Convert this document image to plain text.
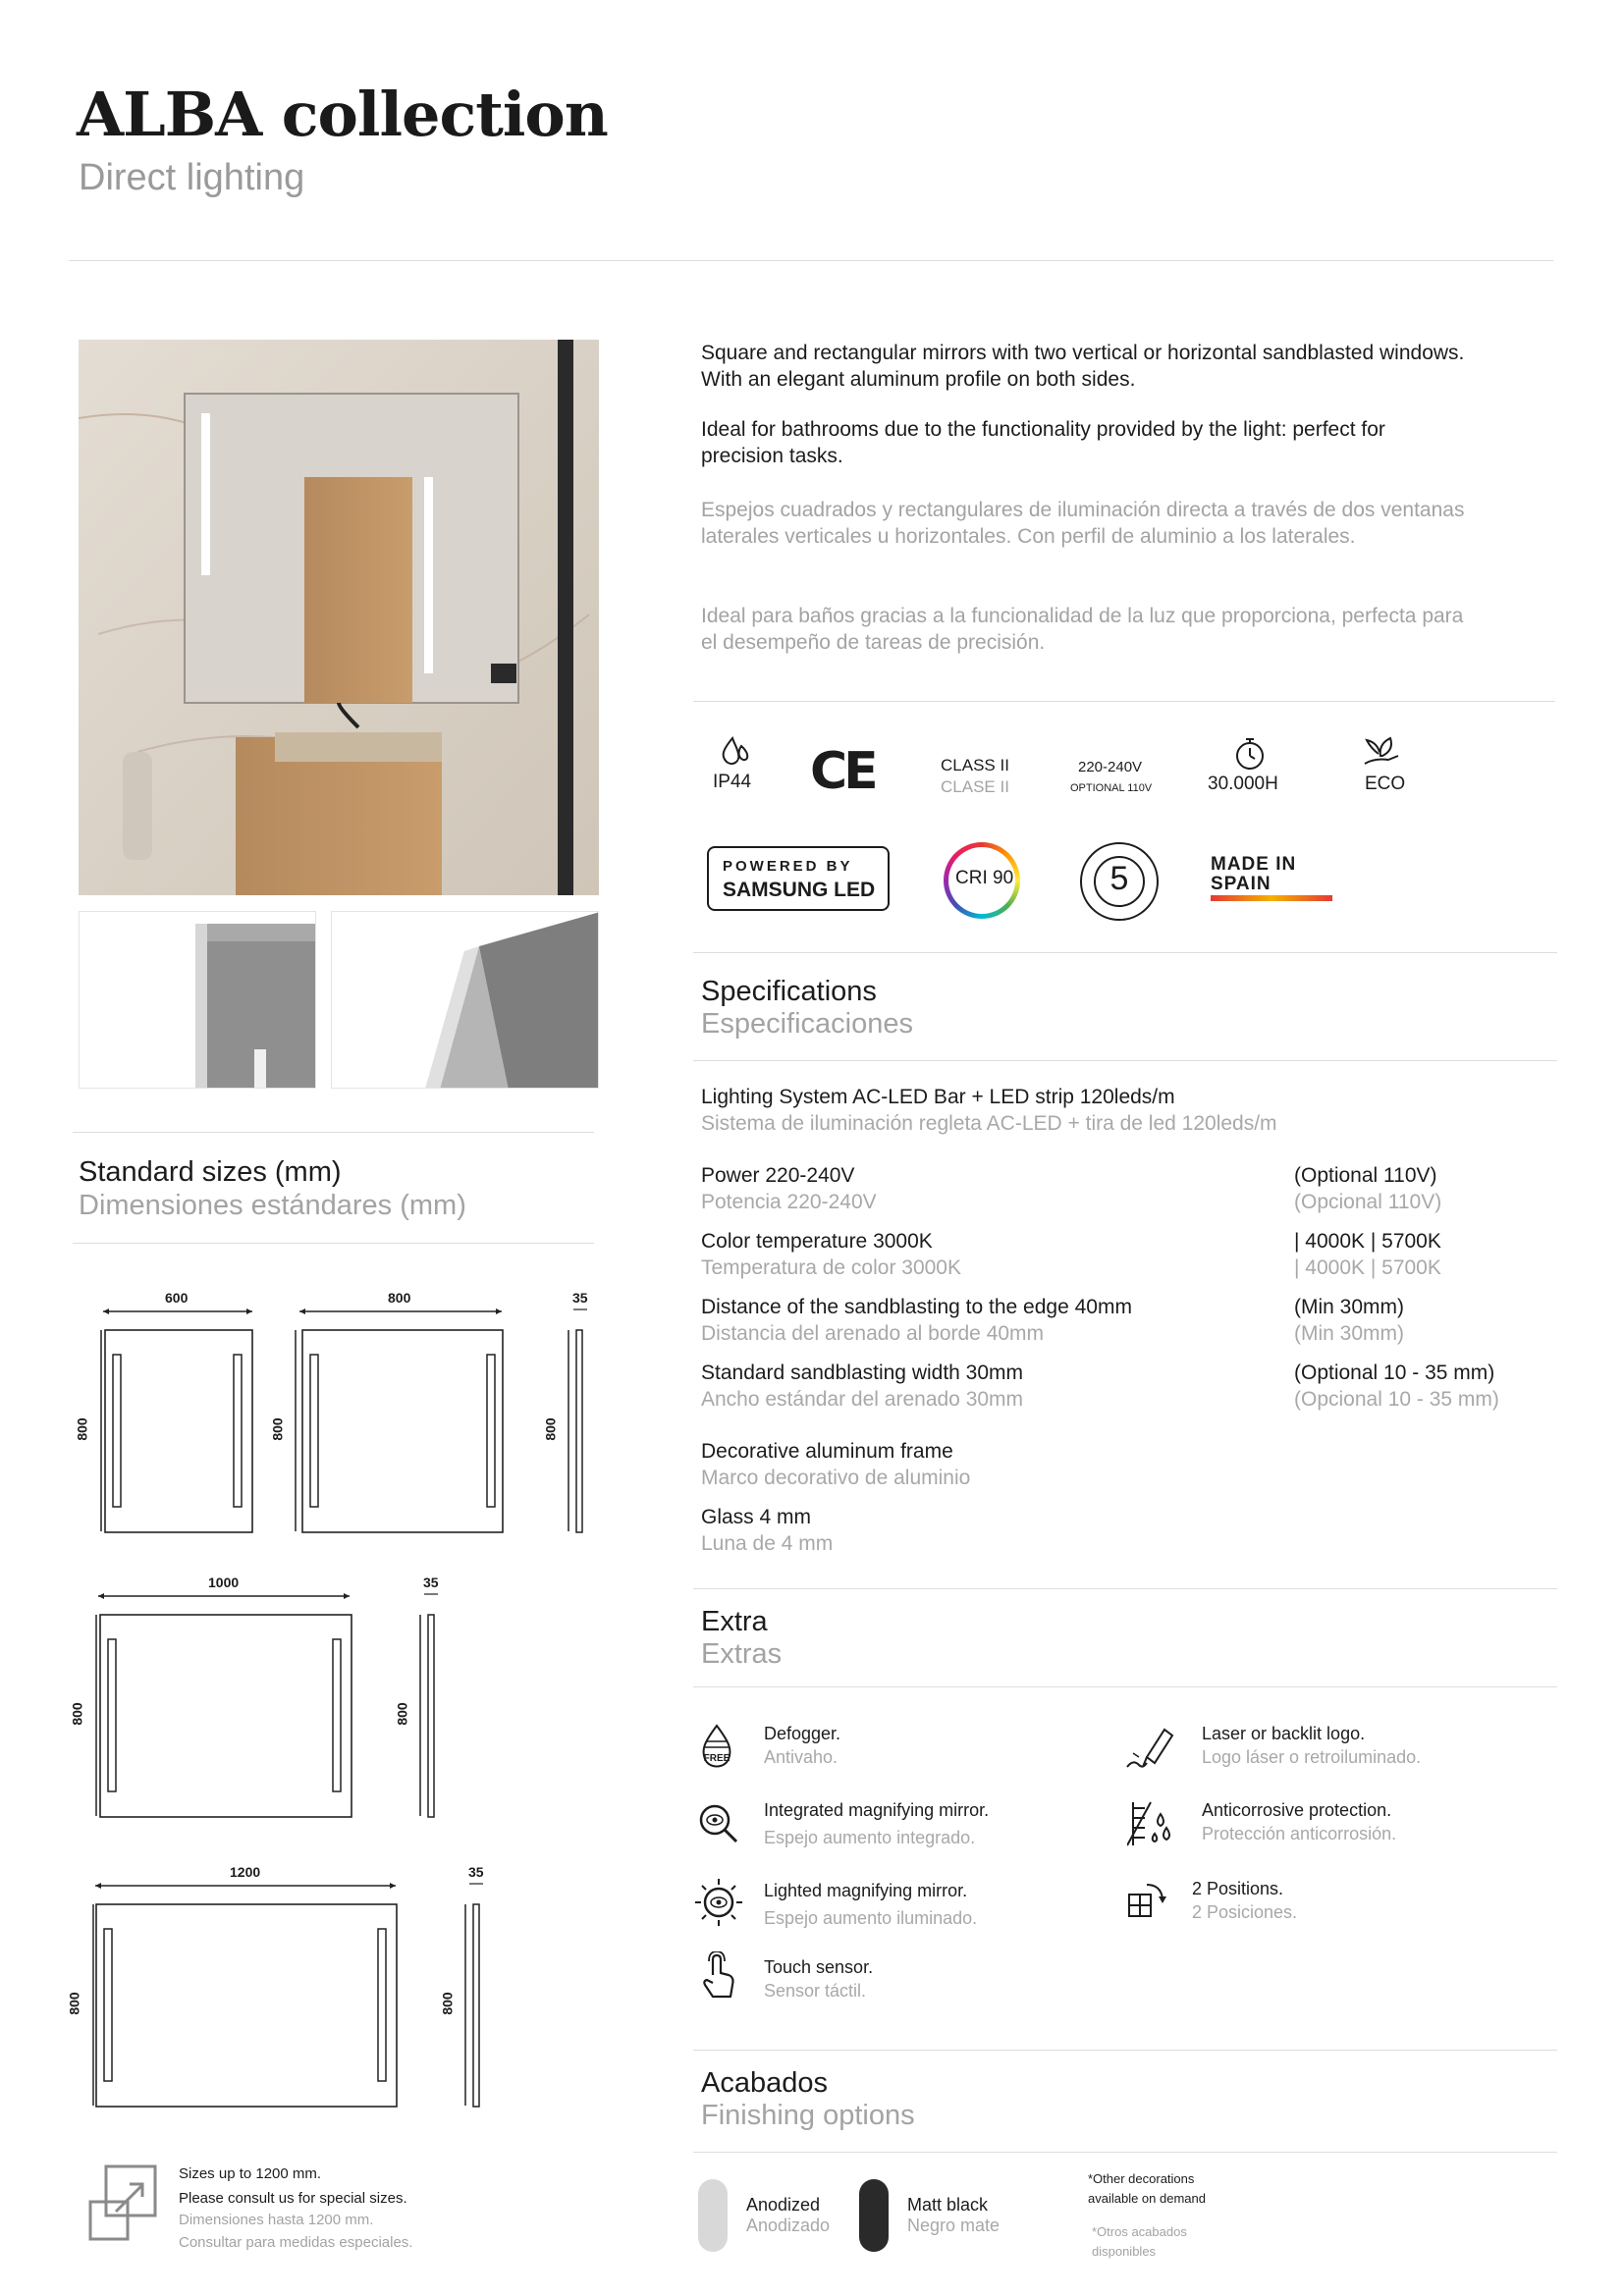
ALBA collection
Direct lighting
Standard sizes (mm)
Dimensiones estándares (mm)
600	800	35
800	800	800
1000	35
800	800
1200	35
800	800
Sizes up to 1200 mm.
Please consult us for special sizes.
Dimensiones hasta 1200 mm.
Consultar para medidas especiales.
Square and rectangular mirrors with two vertical or horizontal sandblasted windows. With an elegant aluminum profile on both sides.
Ideal for bathrooms due to the functionality provided by the light: perfect for precision tasks.
Espejos cuadrados y rectangulares de iluminación directa a través de dos ventanas laterales verticales u horizontales. Con perfil de aluminio a los laterales.
Ideal para baños gracias a la funcionalidad de la luz que proporciona, perfecta para el desempeño de tareas de precisión.
IP44 CE	CLASS II
CLASE II
220-240V
OPTIONAL 110V	30.000H	ECO
POWERED BY
SAMSUNG LED
CRI 90	5	MADE IN
SPAIN
Specifications
Especificaciones
Lighting System AC-LED Bar + LED strip 120leds/m
Sistema de iluminación regleta AC-LED + tira de led 120leds/m
Power 220-240V
Potencia 220-240V
(Optional 110V)
(Opcional 110V)
Color temperature 3000K
Temperatura de color 3000K
| 4000K | 5700K
| 4000K | 5700K
Distance of the sandblasting to the edge 40mm
Distancia del arenado al borde 40mm
(Min 30mm)
(Min 30mm)
Standard sandblasting width 30mm
Ancho estándar del arenado 30mm
(Optional 10 - 35 mm)
(Opcional 10 - 35 mm)
Decorative aluminum frame
Marco decorativo de aluminio
Glass 4 mm
Luna de 4 mm
Extra
Extras
FREE
Defogger.
Antivaho.
Laser or backlit logo.
Logo láser o retroiluminado.
Integrated magnifying mirror.
Espejo aumento integrado.
Anticorrosive protection.
Protección anticorrosión.
Lighted magnifying mirror.
Espejo aumento iluminado.
2 Positions.
2 Posiciones.
Touch sensor.
Sensor táctil.
Acabados
Finishing options
Anodized
Anodizado
Matt black
Negro mate
*Other decorations
available on demand
*Otros acabados
disponibles
